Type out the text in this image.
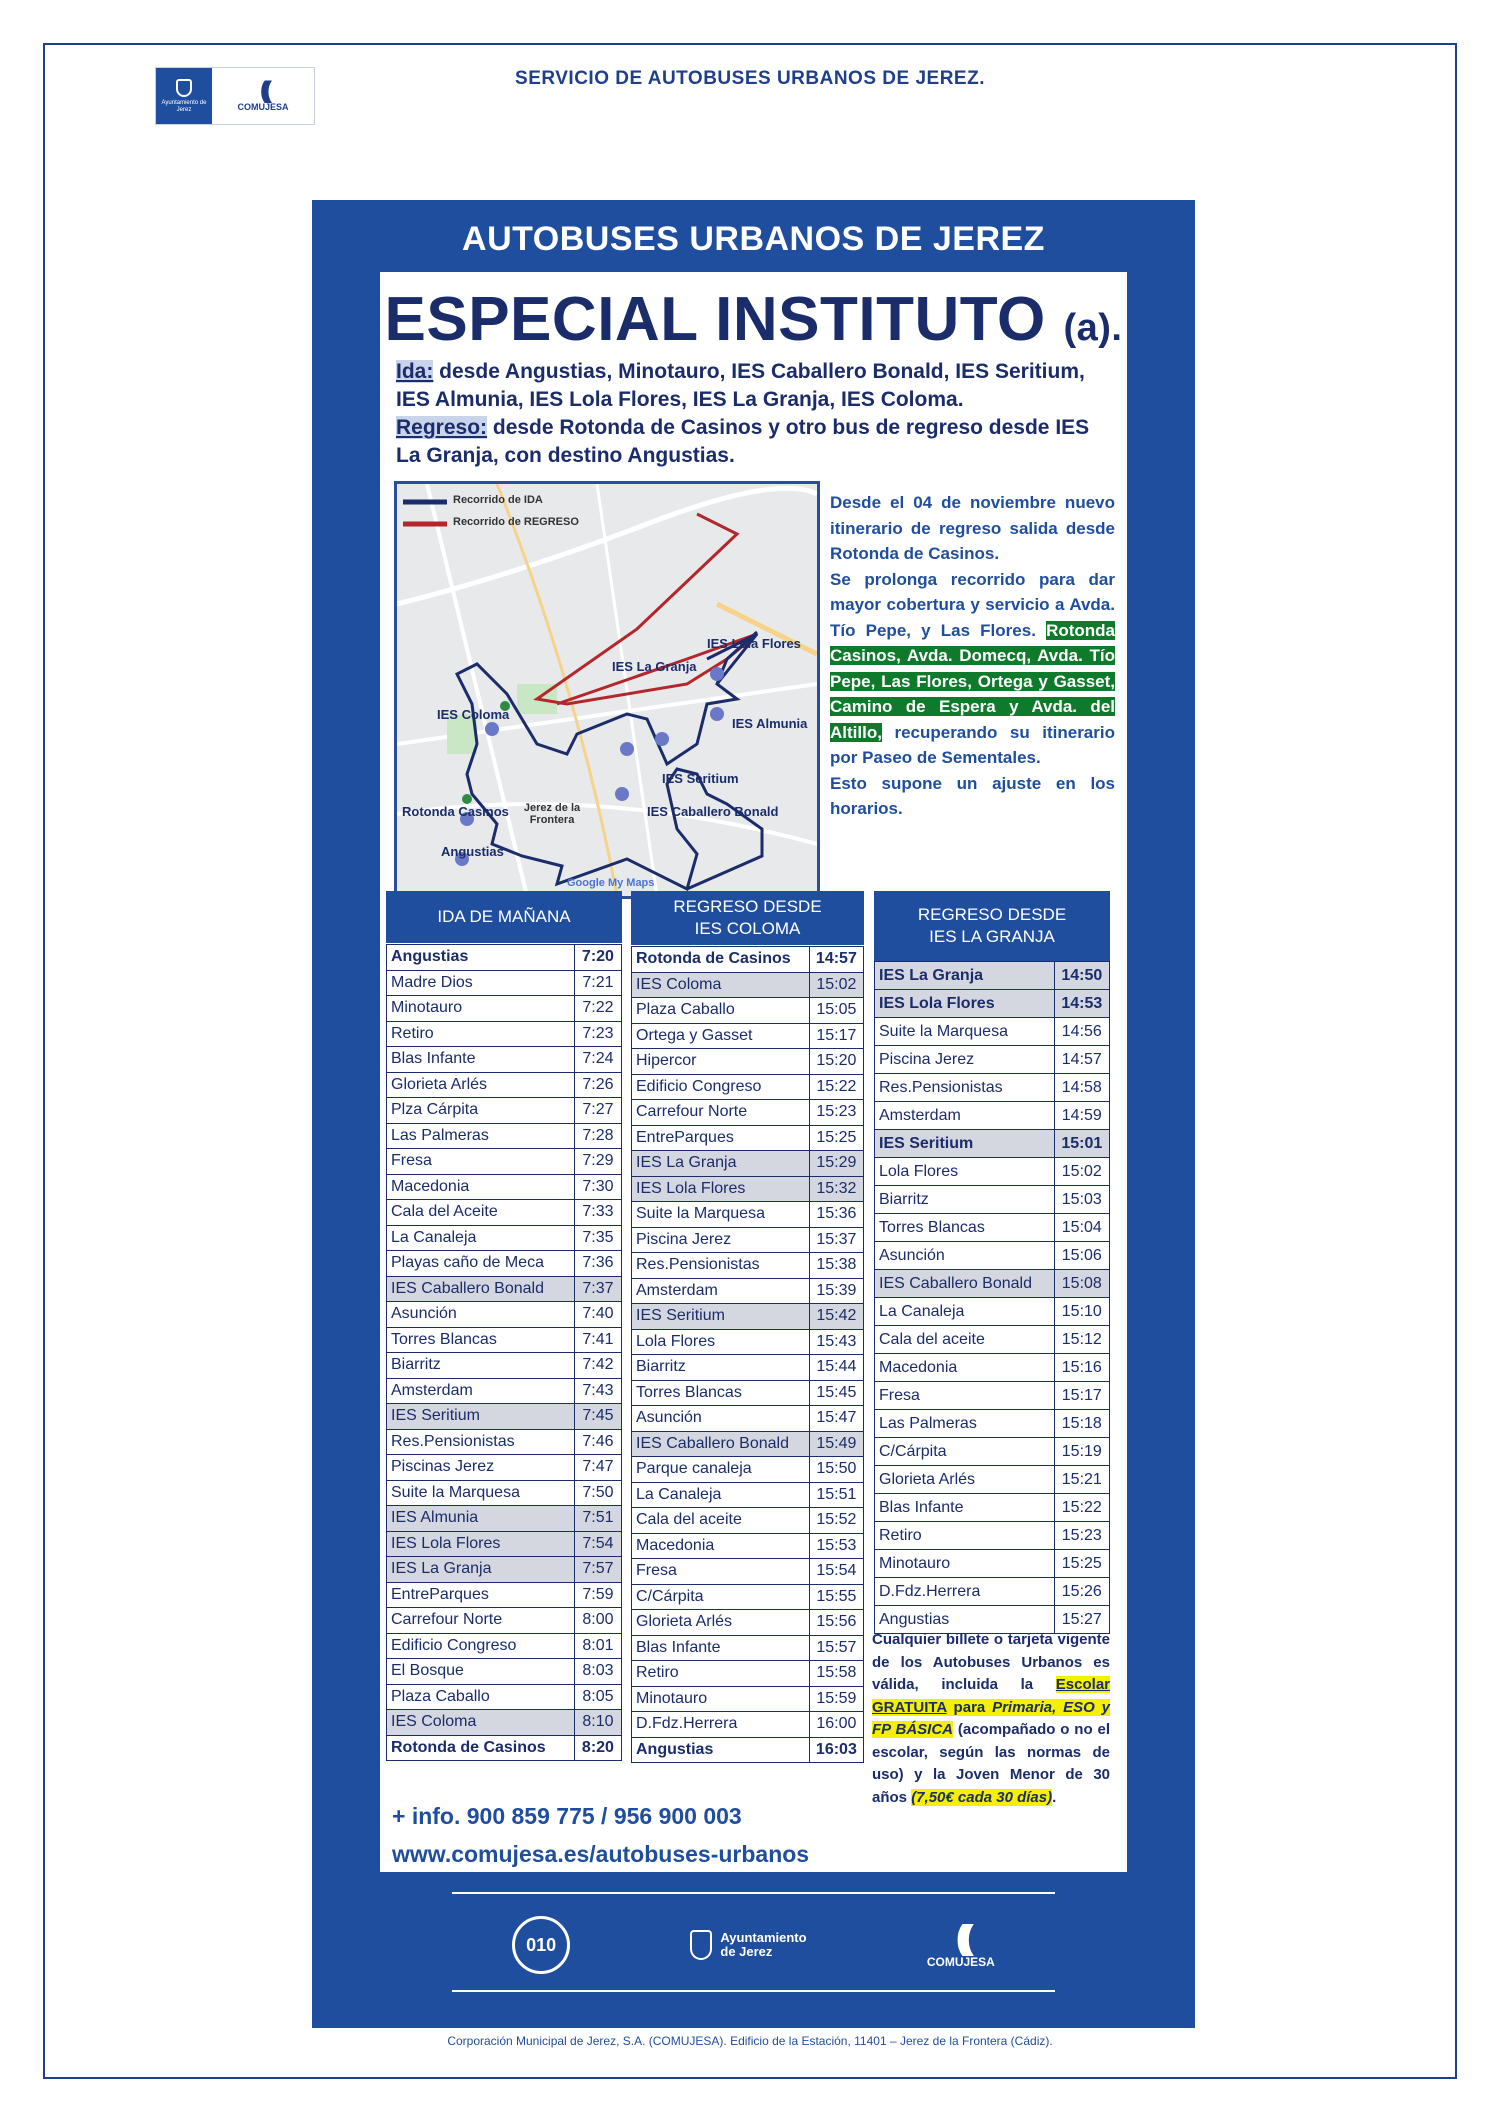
Ayuntamiento de Jerez
(((
COMUJESA
SERVICIO DE AUTOBUSES URBANOS DE JEREZ.
AUTOBUSES URBANOS DE JEREZ
ESPECIAL INSTITUTO (a).
Ida: desde Angustias, Minotauro, IES Caballero Bonald, IES Seritium, IES Almunia, IES Lola Flores, IES La Granja, IES Coloma.
Regreso: desde Rotonda de Casinos y otro bus de regreso desde IES La Granja, con destino Angustias.
Recorrido de IDA
Recorrido de REGRESO
IES Lola Flores
IES La Granja
IES Coloma
IES Almunia
IES Seritium
IES Caballero Bonald
Rotonda Casinos	Jerez de la Frontera
Angustias
Google My Maps
Desde el 04 de noviembre nuevo itinerario de regreso salida desde Rotonda de Casinos.
Se prolonga recorrido para dar mayor cobertura y servicio a Avda. Tío Pepe, y Las Flores. Rotonda Casinos, Avda. Domecq, Avda. Tío Pepe, Las Flores, Ortega y Gasset, Camino de Espera y Avda. del Altillo, recuperando su itinerario por Paseo de Sementales.
Esto supone un ajuste en los horarios.
IDA DE MAÑANA
Angustias	7:20
Madre Dios	7:21
Minotauro	7:22
Retiro	7:23
Blas Infante	7:24
Glorieta Arlés	7:26
Plza Cárpita	7:27
Las Palmeras	7:28
Fresa	7:29
Macedonia	7:30
Cala del Aceite	7:33
La Canaleja	7:35
Playas caño de Meca	7:36
IES Caballero Bonald	7:37
Asunción	7:40
Torres Blancas	7:41
Biarritz	7:42
Amsterdam	7:43
IES Seritium	7:45
Res.Pensionistas	7:46
Piscinas Jerez	7:47
Suite la Marquesa	7:50
IES Almunia	7:51
IES Lola Flores	7:54
IES La Granja	7:57
EntreParques	7:59
Carrefour Norte	8:00
Edificio Congreso	8:01
El Bosque	8:03
Plaza Caballo	8:05
IES Coloma	8:10
Rotonda de Casinos	8:20
REGRESO DESDE
IES COLOMA
Rotonda de Casinos	14:57
IES Coloma	15:02
Plaza Caballo	15:05
Ortega y Gasset	15:17
Hipercor	15:20
Edificio Congreso	15:22
Carrefour Norte	15:23
EntreParques	15:25
IES La Granja	15:29
IES Lola Flores	15:32
Suite la Marquesa	15:36
Piscina Jerez	15:37
Res.Pensionistas	15:38
Amsterdam	15:39
IES Seritium	15:42
Lola Flores	15:43
Biarritz	15:44
Torres Blancas	15:45
Asunción	15:47
IES Caballero Bonald	15:49
Parque canaleja	15:50
La Canaleja	15:51
Cala del aceite	15:52
Macedonia	15:53
Fresa	15:54
C/Cárpita	15:55
Glorieta Arlés	15:56
Blas Infante	15:57
Retiro	15:58
Minotauro	15:59
D.Fdz.Herrera	16:00
Angustias	16:03
REGRESO DESDE
IES LA GRANJA
IES La Granja	14:50
IES Lola Flores	14:53
Suite la Marquesa	14:56
Piscina Jerez	14:57
Res.Pensionistas	14:58
Amsterdam	14:59
IES Seritium	15:01
Lola Flores	15:02
Biarritz	15:03
Torres Blancas	15:04
Asunción	15:06
IES Caballero Bonald	15:08
La Canaleja	15:10
Cala del aceite	15:12
Macedonia	15:16
Fresa	15:17
Las Palmeras	15:18
C/Cárpita	15:19
Glorieta Arlés	15:21
Blas Infante	15:22
Retiro	15:23
Minotauro	15:25
D.Fdz.Herrera	15:26
Angustias	15:27
Cualquier billete o tarjeta vigente de los Autobuses Urbanos es válida, incluida la Escolar GRATUITA para Primaria, ESO y FP BÁSICA (acompañado o no el escolar, según las normas de uso) y la Joven Menor de 30 años (7,50€ cada 30 días).
+ info. 900 859 775 / 956 900 003
www.comujesa.es/autobuses-urbanos
010	Ayuntamiento
de Jerez	(((
COMUJESA
Corporación Municipal de Jerez, S.A. (COMUJESA). Edificio de la Estación, 11401 – Jerez de la Frontera (Cádiz).
